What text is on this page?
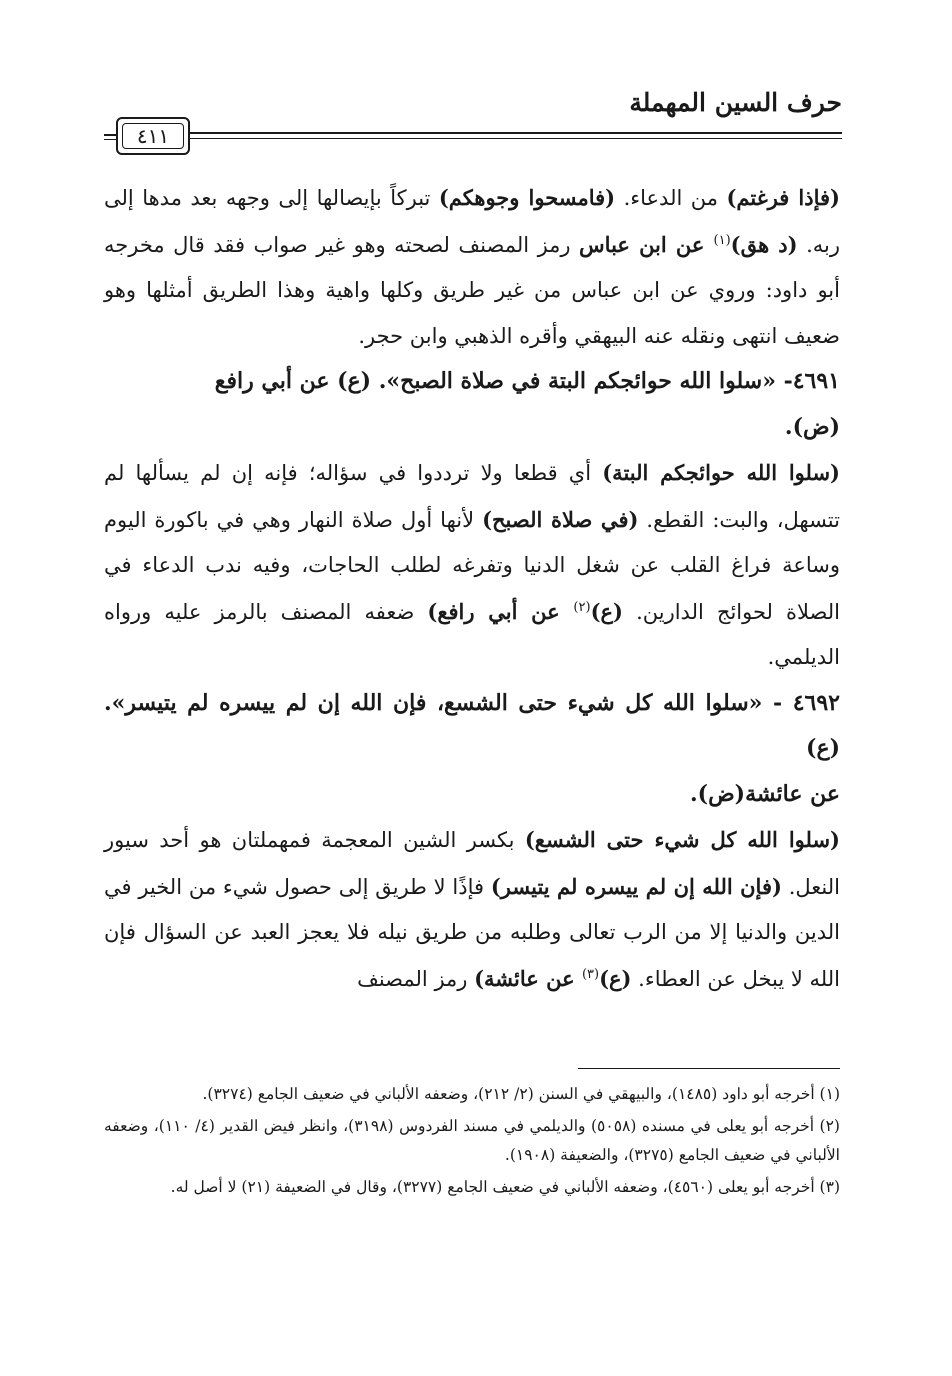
حرف السين المهملة
٤١١

(فإذا فرغتم) من الدعاء. (فامسحوا وجوهكم) تبركاً بإيصالها إلى وجهه بعد مدها إلى ربه. (د هق)$^{(١)}$ عن ابن عباس رمز المصنف لصحته وهو غير صواب فقد قال مخرجه أبو داود: وروي عن ابن عباس من غير طريق وكلها واهية وهذا الطريق أمثلها وهو ضعيف انتهى ونقله عنه البيهقي وأقره الذهبي وابن حجر.

٤٦٩١- «سلوا الله حوائجكم البتة في صلاة الصبح». (ع) عن أبي رافع
(ض).

(سلوا الله حوائجكم البتة) أي قطعا ولا ترددوا في سؤاله؛ فإنه إن لم يسألها لم تتسهل، والبت: القطع. (في صلاة الصبح) لأنها أول صلاة النهار وهي في باكورة اليوم وساعة فراغ القلب عن شغل الدنيا وتفرغه لطلب الحاجات، وفيه ندب الدعاء في الصلاة لحوائج الدارين. (ع)$^{(٢)}$ عن أبي رافع) ضعفه المصنف بالرمز عليه ورواه الديلمي.

٤٦٩٢ - «سلوا الله كل شيء حتى الشسع، فإن الله إن لم ييسره لم يتيسر». (ع)
عن عائشة(ض).

(سلوا الله كل شيء حتى الشسع) بكسر الشين المعجمة فمهملتان هو أحد سيور النعل. (فإن الله إن لم ييسره لم يتيسر) فإذًا لا طريق إلى حصول شيء من الخير في الدين والدنيا إلا من الرب تعالى وطلبه من طريق نيله فلا يعجز العبد عن السؤال فإن الله لا يبخل عن العطاء. (ع)$^{(٣)}$ عن عائشة) رمز المصنف

(١) أخرجه أبو داود (١٤٨٥)، والبيهقي في السنن (٢/ ٢١٢)، وضعفه الألباني في ضعيف الجامع (٣٢٧٤).

(٢) أخرجه أبو يعلى في مسنده (٥٠٥٨) والديلمي في مسند الفردوس (٣١٩٨)، وانظر فيض القدير (٤/ ١١٠)، وضعفه الألباني في ضعيف الجامع (٣٢٧٥)، والضعيفة (١٩٠٨).

(٣) أخرجه أبو يعلى (٤٥٦٠)، وضعفه الألباني في ضعيف الجامع (٣٢٧٧)، وقال في الضعيفة (٢١) لا أصل له.
